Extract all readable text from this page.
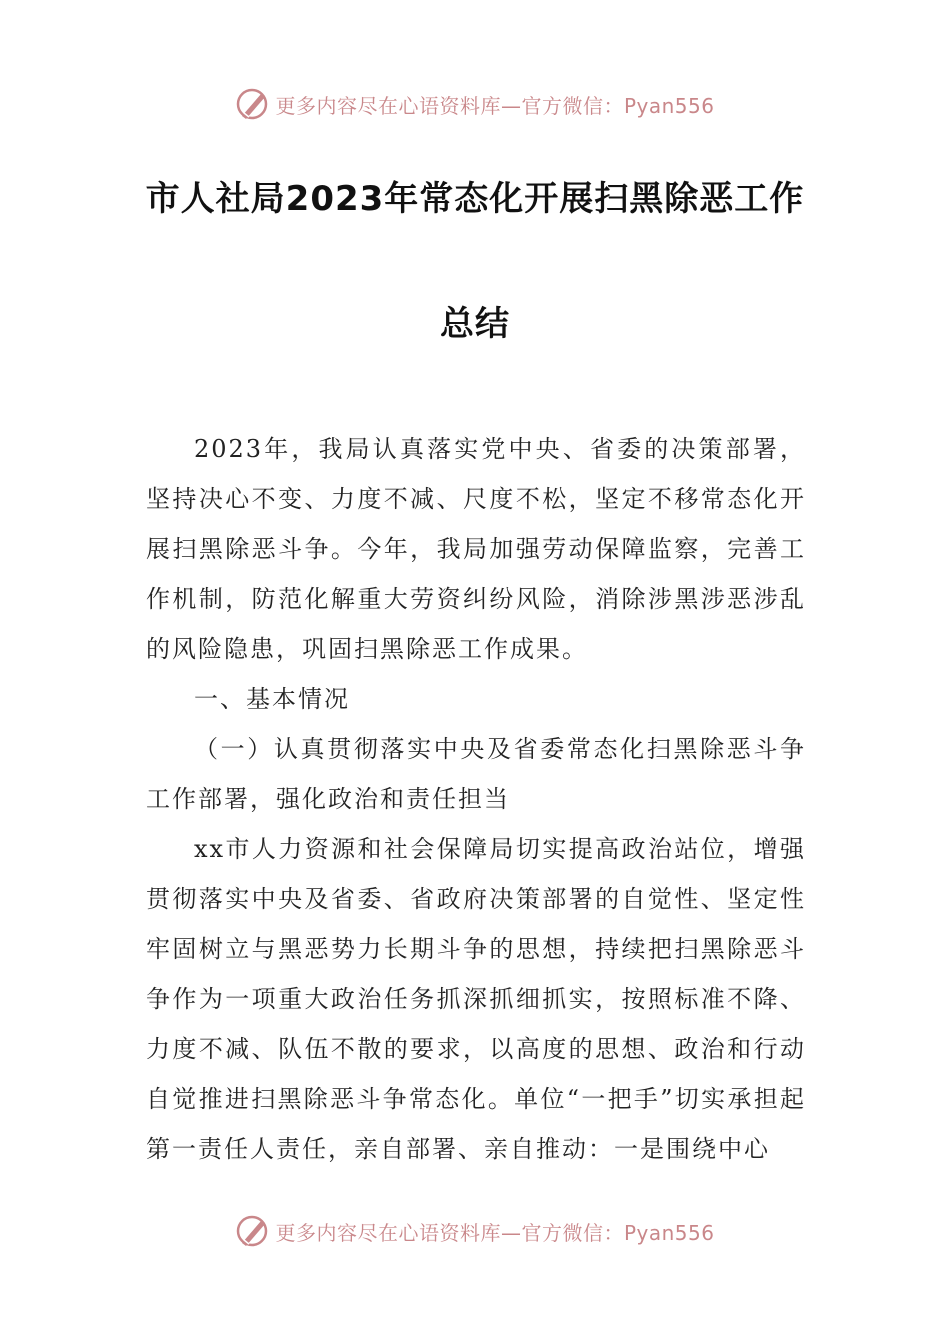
更多内容尽在心语资料库—官方微信：Pyan556
市人社局2023年常态化开展扫黑除恶工作
总结

2023年，我局认真落实党中央、省委的决策部署，坚持决心不变、力度不减、尺度不松，坚定不移常态化开展扫黑除恶斗争。今年，我局加强劳动保障监察，完善工作机制，防范化解重大劳资纠纷风险，消除涉黑涉恶涉乱的风险隐患，巩固扫黑除恶工作成果。

一、基本情况

（一）认真贯彻落实中央及省委常态化扫黑除恶斗争工作部署，强化政治和责任担当

xx市人力资源和社会保障局切实提高政治站位，增强贯彻落实中央及省委、省政府决策部署的自觉性、坚定性牢固树立与黑恶势力长期斗争的思想，持续把扫黑除恶斗争作为一项重大政治任务抓深抓细抓实，按照标准不降、力度不减、队伍不散的要求，以高度的思想、政治和行动自觉推进扫黑除恶斗争常态化。单位“一把手”切实承担起第一责任人责任，亲自部署、亲自推动：一是围绕中心

更多内容尽在心语资料库—官方微信：Pyan556
